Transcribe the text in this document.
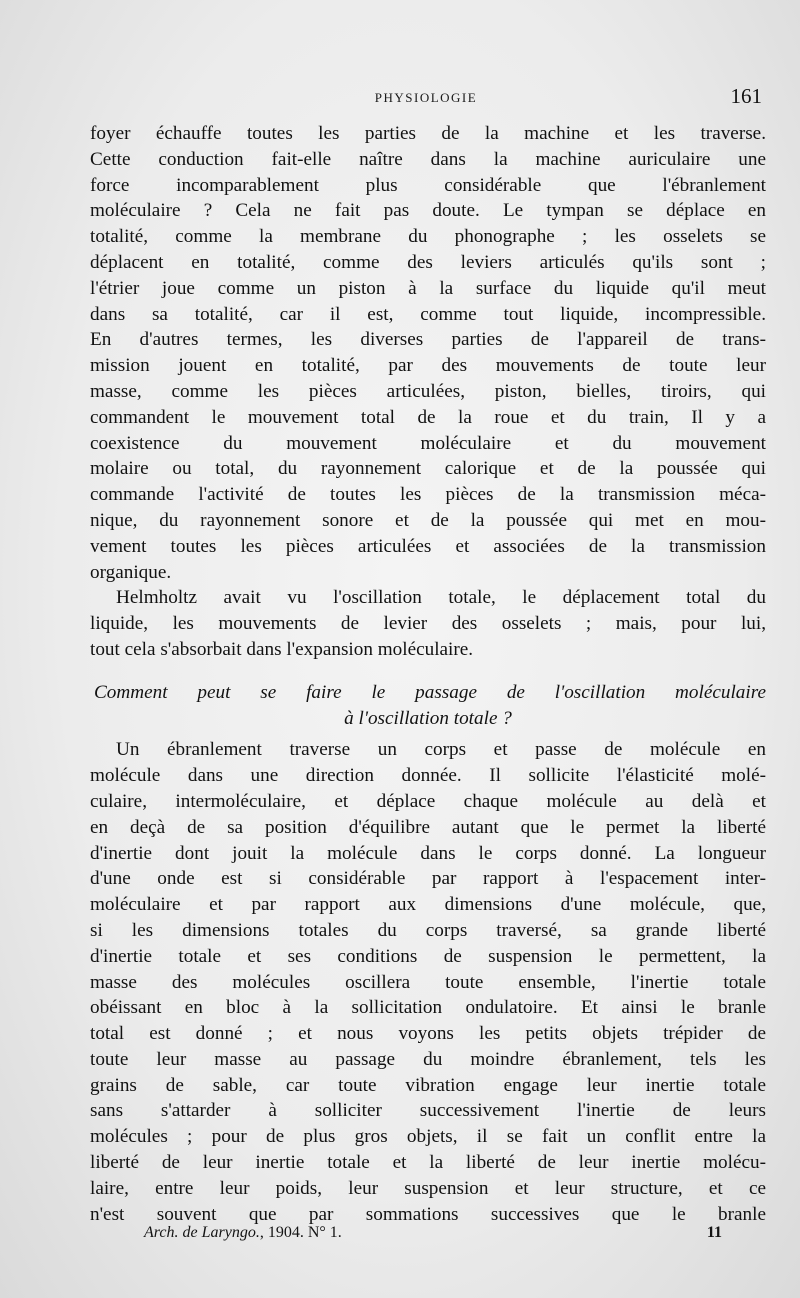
PHYSIOLOGIE	161
foyer échauffe toutes les parties de la machine et les traverse.
Cette conduction fait-elle naître dans la machine auriculaire une
force incomparablement plus considérable que l'ébranlement
moléculaire ? Cela ne fait pas doute. Le tympan se déplace en
totalité, comme la membrane du phonographe ; les osselets se
déplacent en totalité, comme des leviers articulés qu'ils sont ;
l'étrier joue comme un piston à la surface du liquide qu'il meut
dans sa totalité, car il est, comme tout liquide, incompressible.
En d'autres termes, les diverses parties de l'appareil de trans-
mission jouent en totalité, par des mouvements de toute leur
masse, comme les pièces articulées, piston, bielles, tiroirs, qui
commandent le mouvement total de la roue et du train, Il y a
coexistence du mouvement moléculaire et du mouvement
molaire ou total, du rayonnement calorique et de la poussée qui
commande l'activité de toutes les pièces de la transmission méca-
nique, du rayonnement sonore et de la poussée qui met en mou-
vement toutes les pièces articulées et associées de la transmission
organique.
Helmholtz avait vu l'oscillation totale, le déplacement total du
liquide, les mouvements de levier des osselets ; mais, pour lui,
tout cela s'absorbait dans l'expansion moléculaire.
Comment peut se faire le passage de l'oscillation moléculaire
à l'oscillation totale ?
Un ébranlement traverse un corps et passe de molécule en
molécule dans une direction donnée. Il sollicite l'élasticité molé-
culaire, intermoléculaire, et déplace chaque molécule au delà et
en deçà de sa position d'équilibre autant que le permet la liberté
d'inertie dont jouit la molécule dans le corps donné. La longueur
d'une onde est si considérable par rapport à l'espacement inter-
moléculaire et par rapport aux dimensions d'une molécule, que,
si les dimensions totales du corps traversé, sa grande liberté
d'inertie totale et ses conditions de suspension le permettent, la
masse des molécules oscillera toute ensemble, l'inertie totale
obéissant en bloc à la sollicitation ondulatoire. Et ainsi le branle
total est donné ; et nous voyons les petits objets trépider de
toute leur masse au passage du moindre ébranlement, tels les
grains de sable, car toute vibration engage leur inertie totale
sans s'attarder à solliciter successivement l'inertie de leurs
molécules ; pour de plus gros objets, il se fait un conflit entre la
liberté de leur inertie totale et la liberté de leur inertie molécu-
laire, entre leur poids, leur suspension et leur structure, et ce
n'est souvent que par sommations successives que le branle
Arch. de Laryngo., 1904. N° 1.	11
